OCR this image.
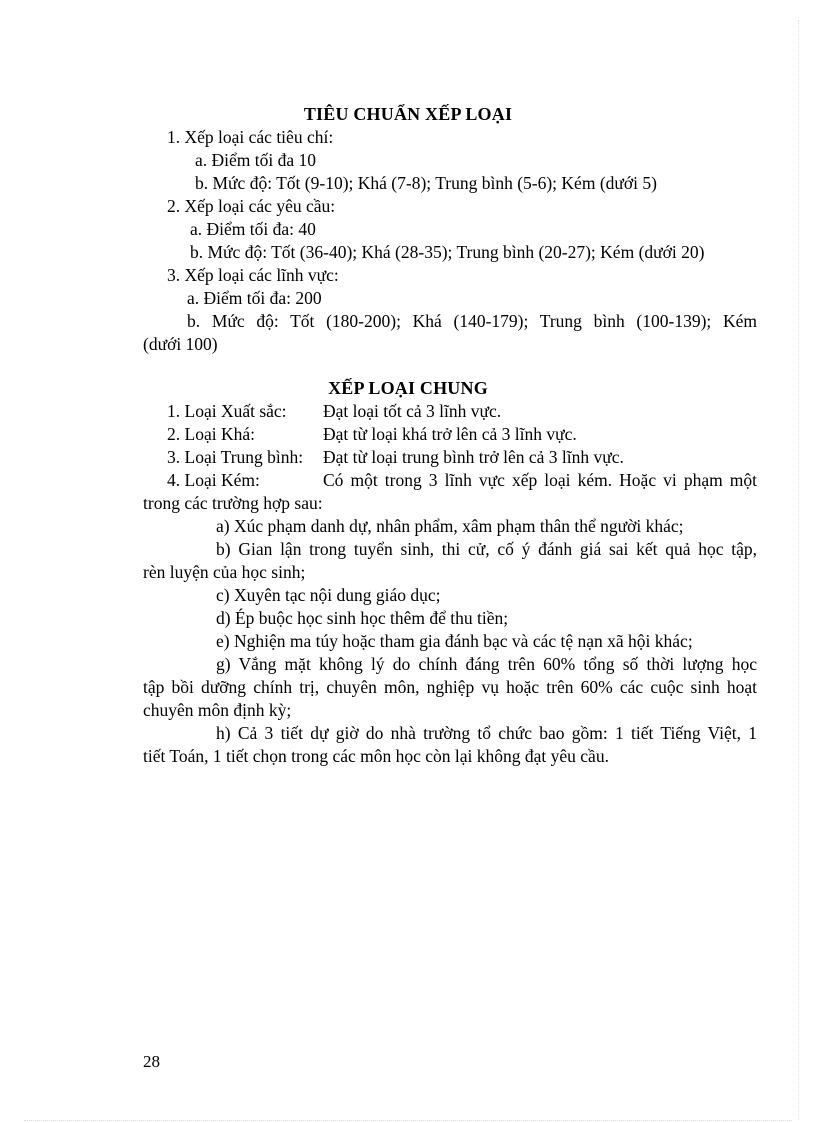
TIÊU CHUẨN XẾP LOẠI
1. Xếp loại các tiêu chí:
a. Điểm tối đa 10
b. Mức độ: Tốt (9-10); Khá (7-8); Trung bình (5-6); Kém (dưới 5)
2. Xếp loại các yêu cầu:
a. Điểm tối đa: 40
b. Mức độ: Tốt (36-40); Khá (28-35); Trung bình (20-27); Kém (dưới 20)
3. Xếp loại các lĩnh vực:
a. Điểm tối đa: 200
b. Mức độ: Tốt (180-200); Khá (140-179); Trung bình (100-139); Kém
(dưới 100)
XẾP LOẠI CHUNG
1. Loại Xuất sắc: Đạt loại tốt cả 3 lĩnh vực.
2. Loại Khá:	Đạt từ loại khá trở lên cả 3 lĩnh vực.
3. Loại Trung bình: Đạt từ loại trung bình trở lên cả 3 lĩnh vực.
4. Loại Kém:	Có một trong 3 lĩnh vực xếp loại kém. Hoặc vi phạm một
trong các trường hợp sau:
a) Xúc phạm danh dự, nhân phẩm, xâm phạm thân thể người khác;
b) Gian lận trong tuyển sinh, thi cử, cố ý đánh giá sai kết quả học tập,
rèn luyện của học sinh;
c) Xuyên tạc nội dung giáo dục;
d) Ép buộc học sinh học thêm để thu tiền;
e) Nghiện ma túy hoặc tham gia đánh bạc và các tệ nạn xã hội khác;
g) Vắng mặt không lý do chính đáng trên 60% tổng số thời lượng học
tập bồi dưỡng chính trị, chuyên môn, nghiệp vụ hoặc trên 60% các cuộc sinh hoạt
chuyên môn định kỳ;
h) Cả 3 tiết dự giờ do nhà trường tổ chức bao gồm: 1 tiết Tiếng Việt, 1
tiết Toán, 1 tiết chọn trong các môn học còn lại không đạt yêu cầu.
28
